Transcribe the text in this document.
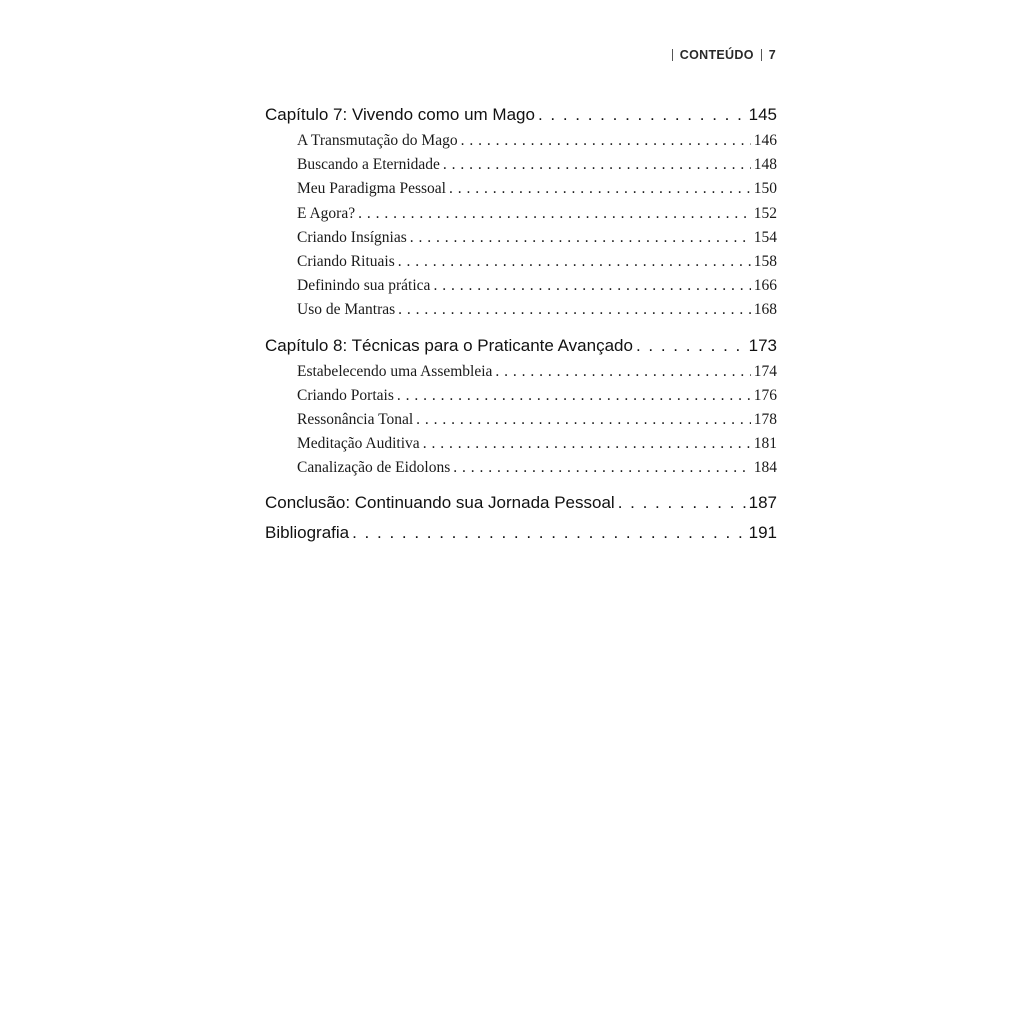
CONTEÚDO 7
Capítulo 7: Vivendo como um Mago . . .	145
A Transmutação do Mago . . .	146
Buscando a Eternidade . . .	148
Meu Paradigma Pessoal . . .	150
E Agora? . . .	152
Criando Insígnias . . .	154
Criando Rituais . . .	158
Definindo sua prática . . .	166
Uso de Mantras . . .	168
Capítulo 8: Técnicas para o Praticante Avançado . . .	173
Estabelecendo uma Assembleia . . .	174
Criando Portais . . .	176
Ressonância Tonal . . .	178
Meditação Auditiva . . .	181
Canalização de Eidolons . . .	184
Conclusão: Continuando sua Jornada Pessoal . . .	187
Bibliografia . . .	191
